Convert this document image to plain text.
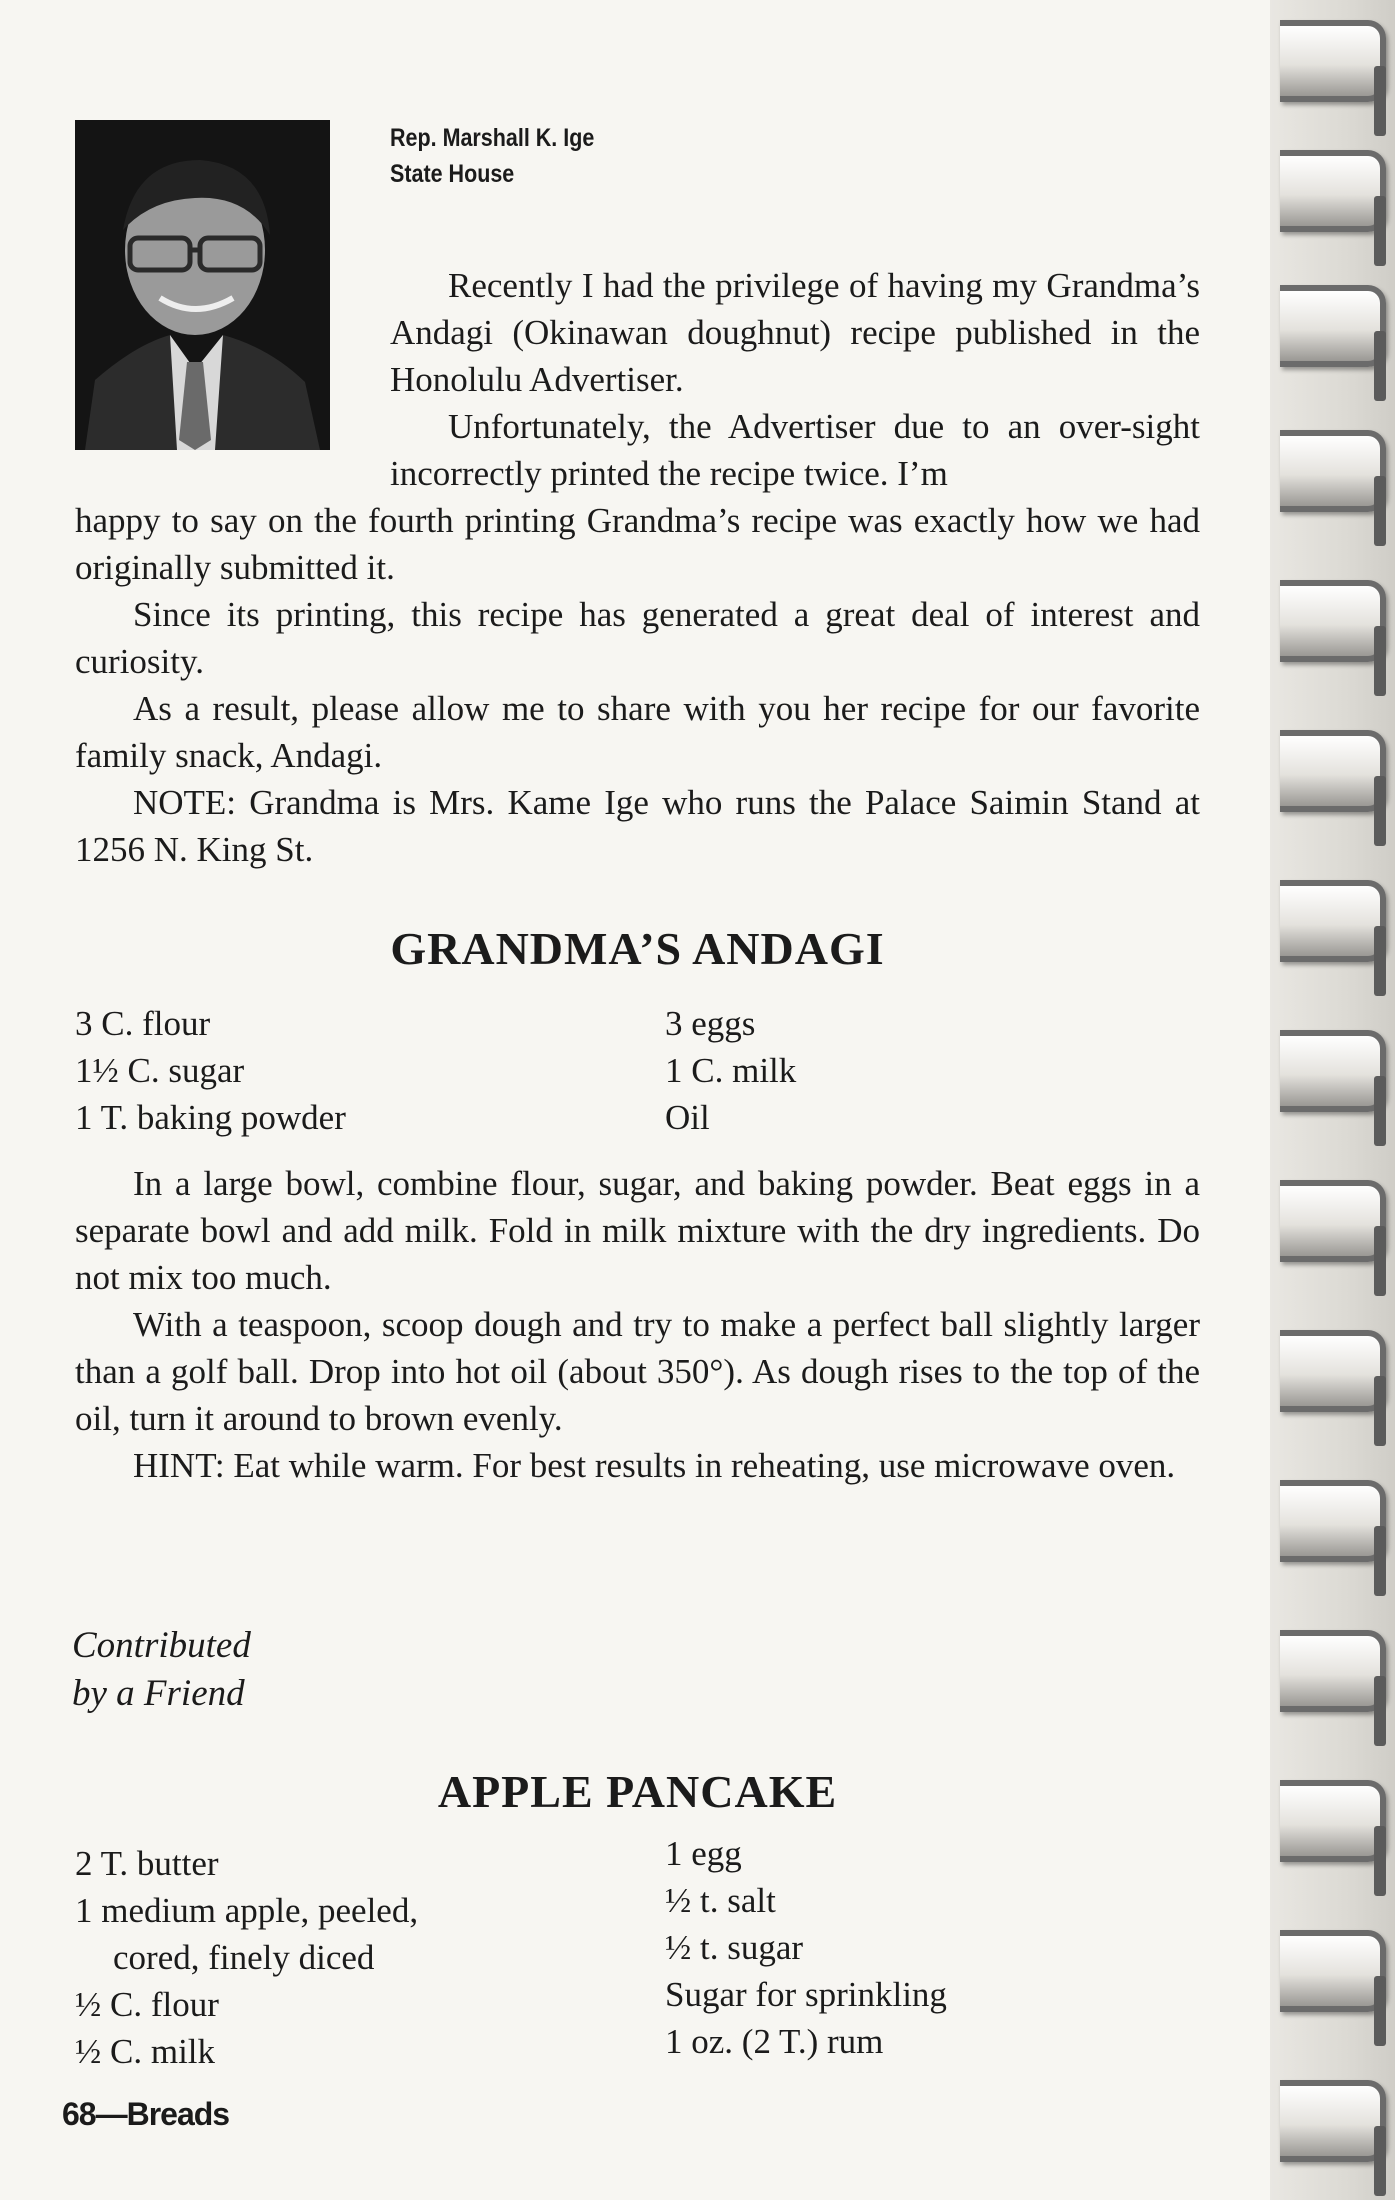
Rep. Marshall K. Ige
State House

Recently I had the privilege of having my Grandma’s Andagi (Okinawan doughnut) recipe published in the Honolulu Advertiser.

Unfortunately, the Advertiser due to an over-sight incorrectly printed the recipe twice. I’m

happy to say on the fourth printing Grandma’s recipe was exactly how we had originally submitted it.

Since its printing, this recipe has generated a great deal of interest and curiosity.

As a result, please allow me to share with you her recipe for our favorite family snack, Andagi.

NOTE: Grandma is Mrs. Kame Ige who runs the Palace Saimin Stand at 1256 N. King St.

GRANDMA’S ANDAGI
3 C. flour
1½ C. sugar
1 T. baking powder
3 eggs
1 C. milk
Oil

In a large bowl, combine flour, sugar, and baking powder. Beat eggs in a separate bowl and add milk. Fold in milk mixture with the dry ingredients. Do not mix too much.

With a teaspoon, scoop dough and try to make a perfect ball slightly larger than a golf ball. Drop into hot oil (about 350°). As dough rises to the top of the oil, turn it around to brown evenly.

HINT: Eat while warm. For best results in reheating, use microwave oven.

Contributed
by a Friend
APPLE PANCAKE
2 T. butter
1 medium apple, peeled,
cored, finely diced
½ C. flour
½ C. milk
1 egg
½ t. salt
½ t. sugar
Sugar for sprinkling
1 oz. (2 T.) rum
68—Breads
